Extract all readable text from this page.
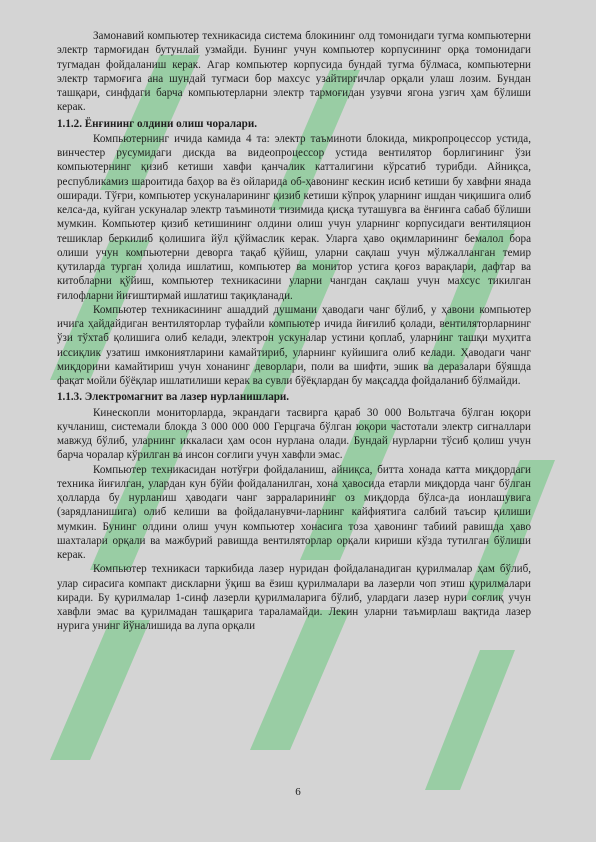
Замонавий компьютер техникасида система блокининг олд томонидаги тугма компьютерни электр тармоғидан бутунлай узмайди. Бунинг учун компьютер корпусининг орқа томонидаги тугмадан фойдаланиш керак. Агар компьютер корпусида бундай тугма бўлмаса, компьютерни электр тармоғига ана шундай тугмаси бор махсус узайтиргичлар орқали улаш лозим. Бундан ташқари, синфдаги барча компьютерларни электр тармоғидан узувчи ягона узгич ҳам бўлиши керак.

1.1.2. Ёнғининг олдини олиш чоралари.

Компьютернинг ичида камида 4 та: электр таъминоти блокида, микропроцессор устида, винчестер русумидаги дискда ва видеопроцессор устида вентилятор борлигининг ўзи компьютернинг қизиб кетиши хавфи қанчалик катталигини кўрсатиб турибди. Айниқса, республикамиз шароитида баҳор ва ёз ойларида об-ҳавонинг кескин исиб кетиши бу хавфни янада оширади. Тўғри, компьютер ускуналарининг қизиб кетиши кўпроқ уларнинг ишдан чиқишига олиб келса-да, куйган ускуналар электр таъминоти тизимида қисқа туташувга ва ёнғинга сабаб бўлиши мумкин. Компьютер қизиб кетишининг олдини олиш учун уларнинг корпусидаги вентиляцион тешиклар беркилиб қолишига йўл қўймаслик керак. Уларга ҳаво оқимларининг бемалол бора олиши учун компьютерни деворга тақаб қўйиш, уларни сақлаш учун мўлжалланган темир қутиларда турган ҳолида ишлатиш, компьютер ва монитор устига қоғоз варақлари, дафтар ва китобларни қўйиш, компьютер техникасини уларни чангдан сақлаш учун махсус тикилган ғилофларни йиғиштирмай ишлатиш тақиқланади.

Компьютер техникасининг ашаддий душмани ҳаводаги чанг бўлиб, у ҳавони компьютер ичига ҳайдайдиган вентиляторлар туфайли компьютер ичида йиғилиб қолади, вентиляторларнинг ўзи тўхтаб қолишига олиб келади, электрон ускуналар устини қоплаб, уларнинг ташқи муҳитга иссиқлик узатиш имкониятларини камайтириб, уларнинг куйишига олиб келади. Ҳаводаги чанг миқдорини камайтириш учун хонанинг деворлари, поли ва шифти, эшик ва деразалари бўяшда фақат мойли бўёқлар ишлатилиши керак ва сувли бўёқлардан бу мақсадда фойдаланиб бўлмайди.

1.1.3. Электромагнит ва лазер нурланишлари.

Кинескопли мониторларда, экрандаги тасвирга қараб 30 000 Вольтгача бўлган юқори кучланиш, системали блокда 3 000 000 000 Герцгача бўлган юқори частотали электр сигналлари мавжуд бўлиб, уларнинг иккаласи ҳам осон нурлана олади. Бундай нурларни тўсиб қолиш учун барча чоралар кўрилган ва инсон соғлиги учун хавфли эмас.

Компьютер техникасидан нотўғри фойдаланиш, айниқса, битта хонада катта миқдордаги техника йиғилган, улардан кун бўйи фойдаланилган, хона ҳавосида етарли миқдорда чанг бўлган ҳолларда бу нурланиш ҳаводаги чанг зарраларининг оз миқдорда бўлса-да ионлашувига (зарядланишига) олиб келиши ва фойдаланувчи-ларнинг кайфиятига салбий таъсир қилиши мумкин. Бунинг олдини олиш учун компьютер хонасига тоза ҳавонинг табиий равишда ҳаво шахталари орқали ва мажбурий равишда вентиляторлар орқали кириши кўзда тутилган бўлиши керак.

Компьютер техникаси таркибида лазер нуридан фойдаланадиган қурилмалар ҳам бўлиб, улар сирасига компакт дискларни ўқиш ва ёзиш қурилмалари ва лазерли чоп этиш қурилмалари киради. Бу қурилмалар 1-синф лазерли қурилмаларига бўлиб, улардаги лазер нури соғлиқ учун хавфли эмас ва қурилмадан ташқарига тараламайди. Лекин уларни таъмирлаш вақтида лазер нурига унинг йўналишида ва лупа орқали

6
